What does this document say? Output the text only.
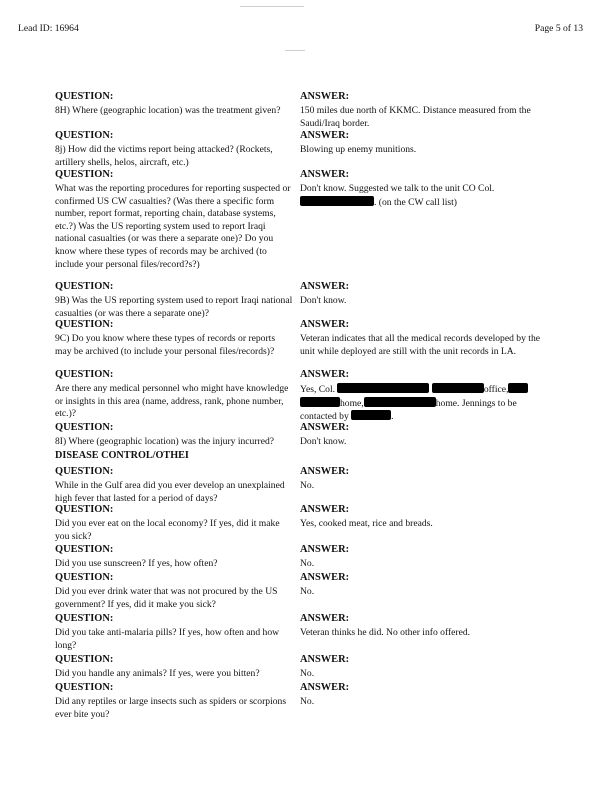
Lead ID: 16964	Page 5 of 13
QUESTION:
8H) Where (geographic location) was the treatment given?
ANSWER:
150 miles due north of KKMC. Distance measured from the Saudi/Iraq border.
QUESTION:
8j) How did the victims report being attacked? (Rockets, artillery shells, helos, aircraft, etc.)
ANSWER:
Blowing up enemy munitions.
QUESTION:
What was the reporting procedures for reporting suspected or confirmed US CW casualties? (Was there a specific form number, report format, reporting chain, database systems, etc.?) Was the US reporting system used to report Iraqi national casualties (or was there a separate one)? Do you know where these types of records may be archived (to include your personal files/record?s?)
ANSWER:
Don't know. Suggested we talk to the unit CO Col.
. (on the CW call list)
QUESTION:
9B) Was the US reporting system used to report Iraqi national casualties (or was there a separate one)?
ANSWER:
Don't know.
QUESTION:
9C) Do you know where these types of records or reports may be archived (to include your personal files/records)?
ANSWER:
Veteran indicates that all the medical records developed by the unit while deployed are still with the unit records in LA.
QUESTION:
Are there any medical personnel who might have knowledge or insights in this area (name, address, rank, phone number, etc.)?
ANSWER:
Yes, Col.	office,
home,	home. Jennings to be
contacted by	.
QUESTION:
8I) Where (geographic location) was the injury incurred?
ANSWER:
Don't know.
DISEASE CONTROL/OTHEI
QUESTION:
While in the Gulf area did you ever develop an unexplained high fever that lasted for a period of days?
ANSWER:
No.
QUESTION:
Did you ever eat on the local economy? If yes, did it make you sick?
ANSWER:
Yes, cooked meat, rice and breads.
QUESTION:
Did you use sunscreen? If yes, how often?
ANSWER:
No.
QUESTION:
Did you ever drink water that was not procured by the US government? If yes, did it make you sick?
ANSWER:
No.
QUESTION:
Did you take anti-malaria pills? If yes, how often and how long?
ANSWER:
Veteran thinks he did. No other info offered.
QUESTION:
Did you handle any animals? If yes, were you bitten?
ANSWER:
No.
QUESTION:
Did any reptiles or large insects such as spiders or scorpions ever bite you?
ANSWER:
No.
